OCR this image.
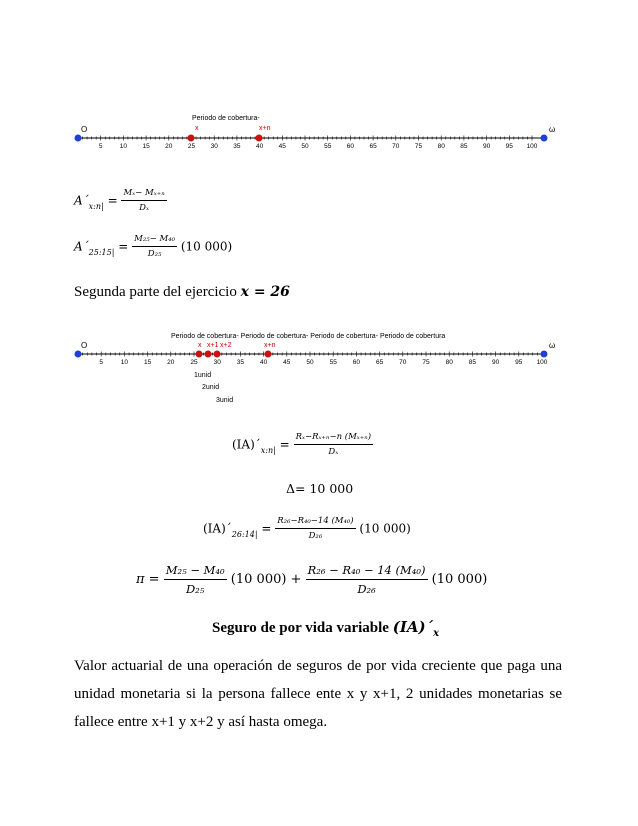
5	10 15 20 25 30 35 40 45 50 55 60 65 70 75 80 85 90 95 100
Periodo de cobertura-
x	x+n
O	ω
$A´_{x:n|} = \frac{\text{Mₓ− Mₓ₊ₙ}}{\text{Dₓ}}$
$A´_{25:15|} = \frac{\text{M₂₅− M₄₀}}{\text{D₂₅}} (10$ 000)
Segunda parte del ejercicio x = 26
5	10 15 20 25 30 35 40 45 50 55 60 65 70 75 80 85 90 95 100
Periodo de cobertura- Periodo de cobertura- Periodo de cobertura- Periodo de cobertura
x x+1 x+2	x+n
O	ω
1unid
2unid
3unid
$(IA)´_{x:n|} = \frac{\text{Rₓ−Rₓ₊ₙ−n (Mₓ₊ₙ)}}{\text{Dₓ}}$
Δ= 10 000
$(IA)´_{26:14|} = \frac{\text{R₂₆−R₄₀−14 (M₄₀)}}{\text{D₂₆}} (10$ 000)
$\pi = \frac{\text{M₂₅ − M₄₀}}{\text{D₂₅}} (10$ $000) + \frac{\text{R₂₆ − R₄₀ − 14 (M₄₀)}}{\text{D₂₆}} (10$ 000)
Seguro de por vida variable $(IA)´_x$
Valor actuarial de una operación de seguros de por vida creciente que paga una unidad monetaria si la persona fallece ente x y x+1, 2 unidades monetarias se fallece entre x+1 y x+2 y así hasta omega.
